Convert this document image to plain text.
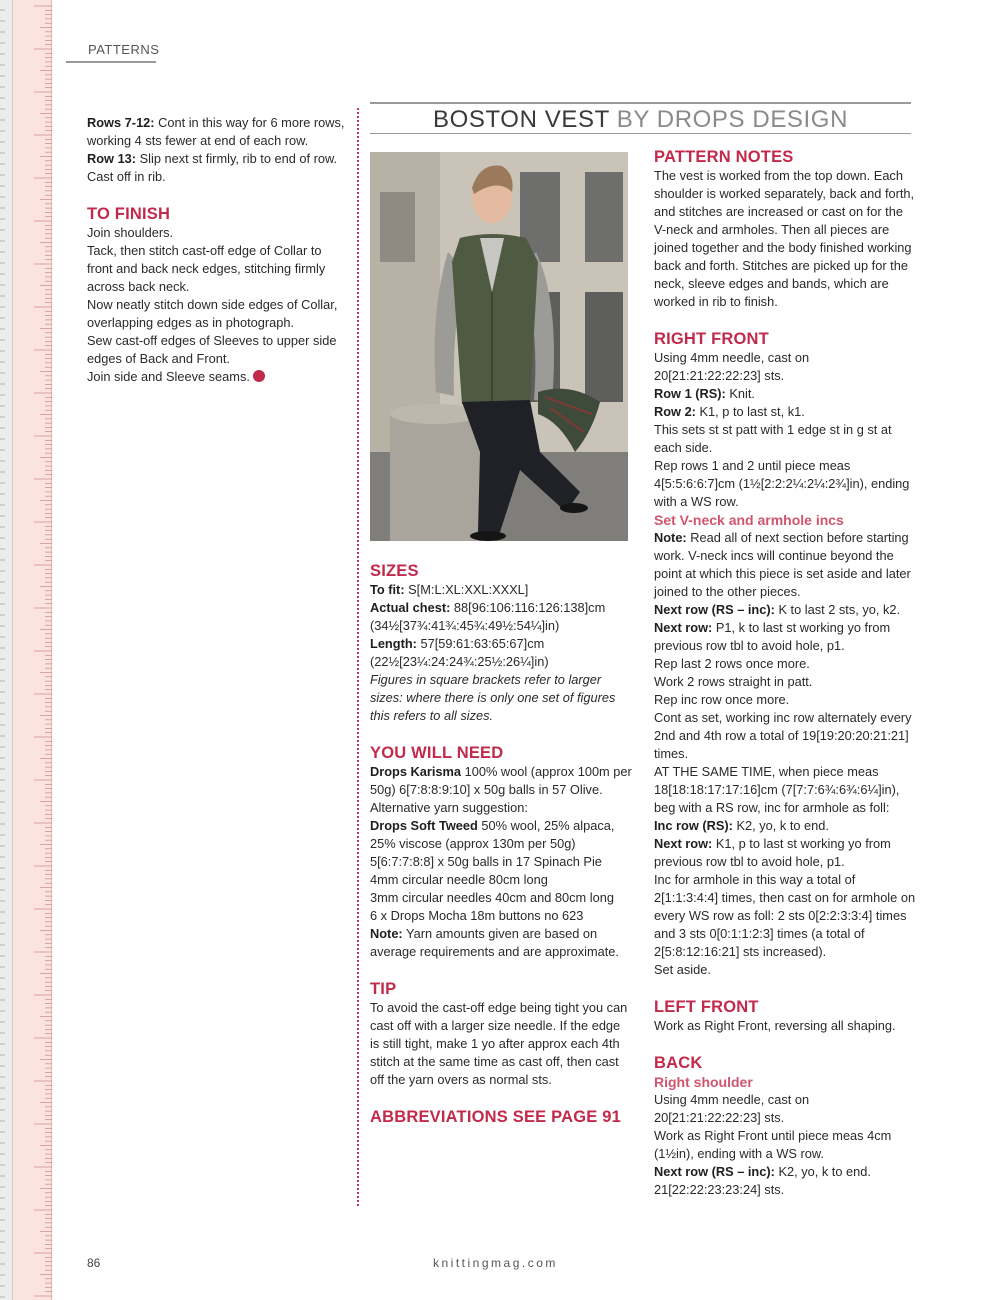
PATTERNS
BOSTON VEST BY DROPS DESIGN

Rows 7-12: Cont in this way for 6 more rows, working 4 sts fewer at end of each row.

Row 13: Slip next st firmly, rib to end of row.

Cast off in rib.

TO FINISH

Join shoulders.

Tack, then stitch cast-off edge of Collar to front and back neck edges, stitching firmly across back neck.

Now neatly stitch down side edges of Collar, overlapping edges as in photograph.

Sew cast-off edges of Sleeves to upper side edges of Back and Front.

Join side and Sleeve seams.

SIZES

To fit: S[M:L:XL:XXL:XXXL]

Actual chest: 88[96:106:116:126:138]cm (34½[37¾:41¾:45¾:49½:54¼]in)

Length: 57[59:61:63:65:67]cm (22½[23¼:24:24¾:25½:26¼]in)

Figures in square brackets refer to larger sizes: where there is only one set of figures this refers to all sizes.

YOU WILL NEED

Drops Karisma 100% wool (approx 100m per 50g) 6[7:8:8:9:10] x 50g balls in 57 Olive.

Alternative yarn suggestion:

Drops Soft Tweed 50% wool, 25% alpaca, 25% viscose (approx 130m per 50g) 5[6:7:7:8:8] x 50g balls in 17 Spinach Pie

4mm circular needle 80cm long

3mm circular needles 40cm and 80cm long

6 x Drops Mocha 18m buttons no 623

Note: Yarn amounts given are based on average requirements and are approximate.

TIP

To avoid the cast-off edge being tight you can cast off with a larger size needle. If the edge is still tight, make 1 yo after approx each 4th stitch at the same time as cast off, then cast off the yarn overs as normal sts.

ABBREVIATIONS SEE PAGE 91
PATTERN NOTES

The vest is worked from the top down. Each shoulder is worked separately, back and forth, and stitches are increased or cast on for the V-neck and armholes. Then all pieces are joined together and the body finished working back and forth. Stitches are picked up for the neck, sleeve edges and bands, which are worked in rib to finish.

RIGHT FRONT

Using 4mm needle, cast on 20[21:21:22:22:23] sts.

Row 1 (RS): Knit.

Row 2: K1, p to last st, k1.

This sets st st patt with 1 edge st in g st at each side.

Rep rows 1 and 2 until piece meas 4[5:5:6:6:7]cm (1½[2:2:2¼:2¼:2¾]in), ending with a WS row.

Set V-neck and armhole incs

Note: Read all of next section before starting work. V-neck incs will continue beyond the point at which this piece is set aside and later joined to the other pieces.

Next row (RS – inc): K to last 2 sts, yo, k2.

Next row: P1, k to last st working yo from previous row tbl to avoid hole, p1.

Rep last 2 rows once more.

Work 2 rows straight in patt.

Rep inc row once more.

Cont as set, working inc row alternately every 2nd and 4th row a total of 19[19:20:20:21:21] times.

AT THE SAME TIME, when piece meas 18[18:18:17:17:16]cm (7[7:7:6¾:6¾:6¼]in), beg with a RS row, inc for armhole as foll:

Inc row (RS): K2, yo, k to end.

Next row: K1, p to last st working yo from previous row tbl to avoid hole, p1.

Inc for armhole in this way a total of 2[1:1:3:4:4] times, then cast on for armhole on every WS row as foll: 2 sts 0[2:2:3:3:4] times and 3 sts 0[0:1:1:2:3] times (a total of 2[5:8:12:16:21] sts increased).

Set aside.

LEFT FRONT

Work as Right Front, reversing all shaping.

BACK
Right shoulder

Using 4mm needle, cast on 20[21:21:22:22:23] sts.

Work as Right Front until piece meas 4cm (1½in), ending with a WS row.

Next row (RS – inc): K2, yo, k to end. 21[22:22:23:23:24] sts.

86	knittingmag.com
